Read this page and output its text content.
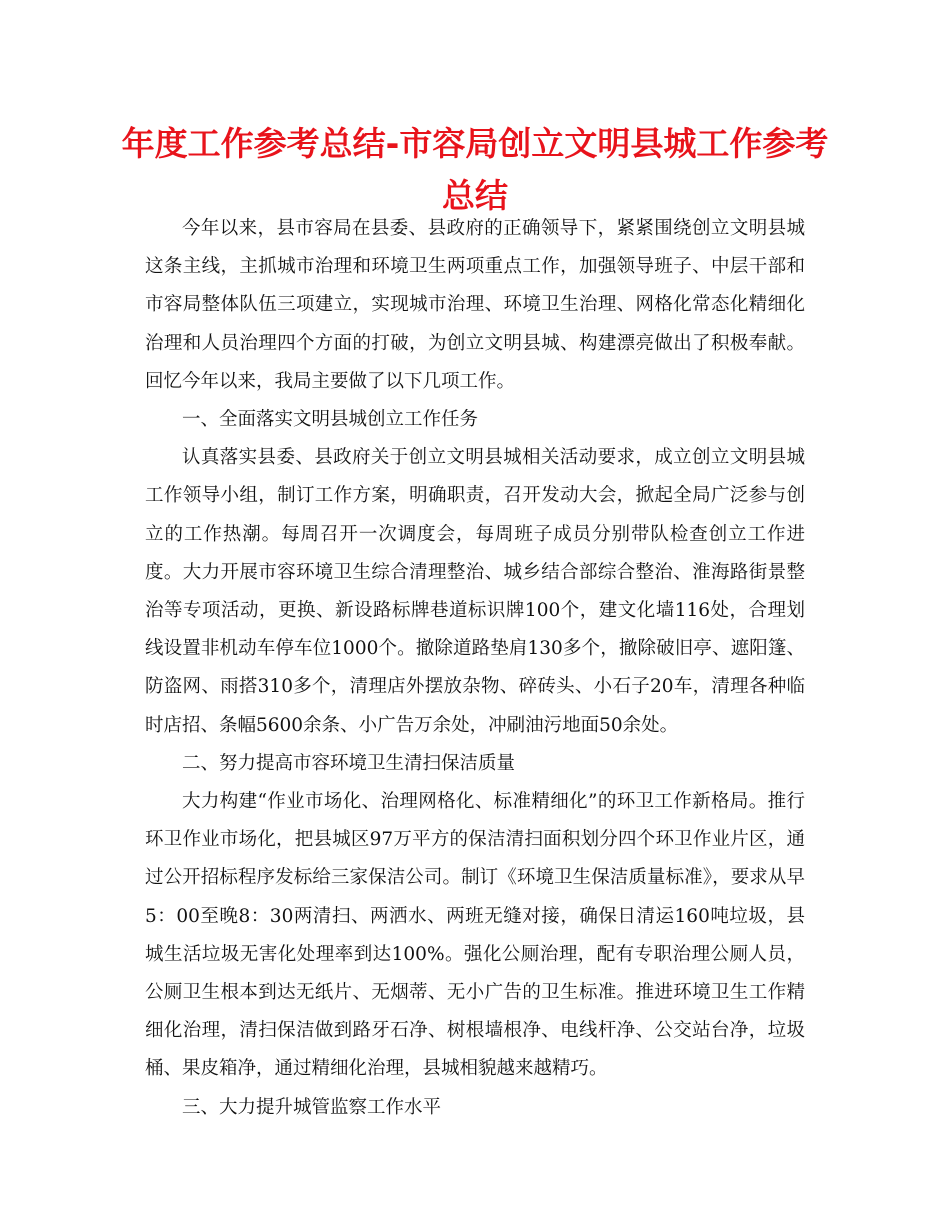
年度工作参考总结-市容局创立文明县城工作参考总结

今年以来，县市容局在县委、县政府的正确领导下，紧紧围绕创立文明县城这条主线，主抓城市治理和环境卫生两项重点工作，加强领导班子、中层干部和市容局整体队伍三项建立，实现城市治理、环境卫生治理、网格化常态化精细化治理和人员治理四个方面的打破，为创立文明县城、构建漂亮做出了积极奉献。回忆今年以来，我局主要做了以下几项工作。

一、全面落实文明县城创立工作任务

认真落实县委、县政府关于创立文明县城相关活动要求，成立创立文明县城工作领导小组，制订工作方案，明确职责，召开发动大会，掀起全局广泛参与创立的工作热潮。每周召开一次调度会，每周班子成员分别带队检查创立工作进度。大力开展市容环境卫生综合清理整治、城乡结合部综合整治、淮海路街景整治等专项活动，更换、新设路标牌巷道标识牌100个，建文化墙116处，合理划线设置非机动车停车位1000个。撤除道路垫肩130多个，撤除破旧亭、遮阳篷、防盗网、雨搭310多个，清理店外摆放杂物、碎砖头、小石子20车，清理各种临时店招、条幅5600余条、小广告万余处，冲刷油污地面50余处。

二、努力提高市容环境卫生清扫保洁质量

大力构建“作业市场化、治理网格化、标准精细化”的环卫工作新格局。推行环卫作业市场化，把县城区97万平方的保洁清扫面积划分四个环卫作业片区，通过公开招标程序发标给三家保洁公司。制订《环境卫生保洁质量标准》，要求从早5：00至晚8：30两清扫、两洒水、两班无缝对接，确保日清运160吨垃圾，县城生活垃圾无害化处理率到达100%。强化公厕治理，配有专职治理公厕人员，公厕卫生根本到达无纸片、无烟蒂、无小广告的卫生标准。推进环境卫生工作精细化治理，清扫保洁做到路牙石净、树根墙根净、电线杆净、公交站台净，垃圾桶、果皮箱净，通过精细化治理，县城相貌越来越精巧。

三、大力提升城管监察工作水平
